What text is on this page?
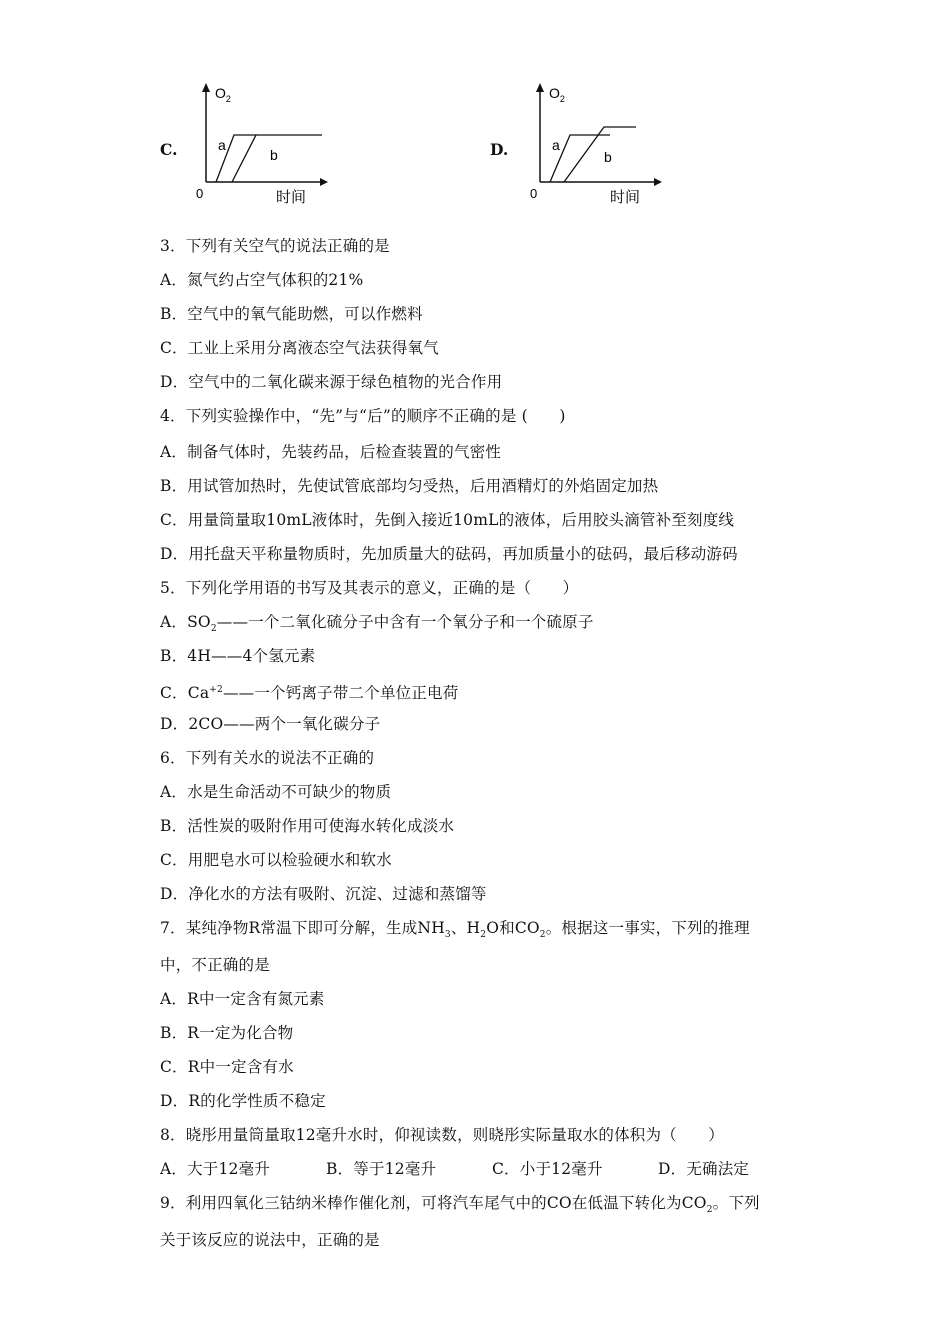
C.
$O_2$
a
b
0	时间
D.
$O_2$
a
b
0	时间
3．下列有关空气的说法正确的是
A．氮气约占空气体积的21%
B．空气中的氧气能助燃，可以作燃料
C．工业上采用分离液态空气法获得氧气
D．空气中的二氧化碳来源于绿色植物的光合作用
4．下列实验操作中，“先”与“后”的顺序不正确的是 (　　)
A．制备气体时，先装药品，后检查装置的气密性
B．用试管加热时，先使试管底部均匀受热，后用酒精灯的外焰固定加热
C．用量筒量取10mL液体时，先倒入接近10mL的液体，后用胶头滴管补至刻度线
D．用托盘天平称量物质时，先加质量大的砝码，再加质量小的砝码，最后移动游码
5．下列化学用语的书写及其表示的意义，正确的是（　　）
A．$SO_2——$一个二氧化硫分子中含有一个氧分子和一个硫原子
B．4H——4个氢元素
C．$Ca^{+2}——$一个钙离子带二个单位正电荷
D．2CO——两个一氧化碳分子
6．下列有关水的说法不正确的
A．水是生命活动不可缺少的物质
B．活性炭的吸附作用可使海水转化成淡水
C．用肥皂水可以检验硬水和软水
D．净化水的方法有吸附、沉淀、过滤和蒸馏等
7．某纯净物R常温下即可分解，生成$NH_3$、$H_2O$和$CO_2$。根据这一事实，下列的推理
中，不正确的是
A．R中一定含有氮元素
B．R一定为化合物
C．R中一定含有水
D．R的化学性质不稳定
8．晓彤用量筒量取12毫升水时，仰视读数，则晓彤实际量取水的体积为（　　）
A．大于12毫升	B．等于12毫升	C．小于12毫升	D．无确法定
9．利用四氧化三钴纳米棒作催化剂，可将汽车尾气中的CO在低温下转化为$CO_2$。下列
关于该反应的说法中，正确的是
